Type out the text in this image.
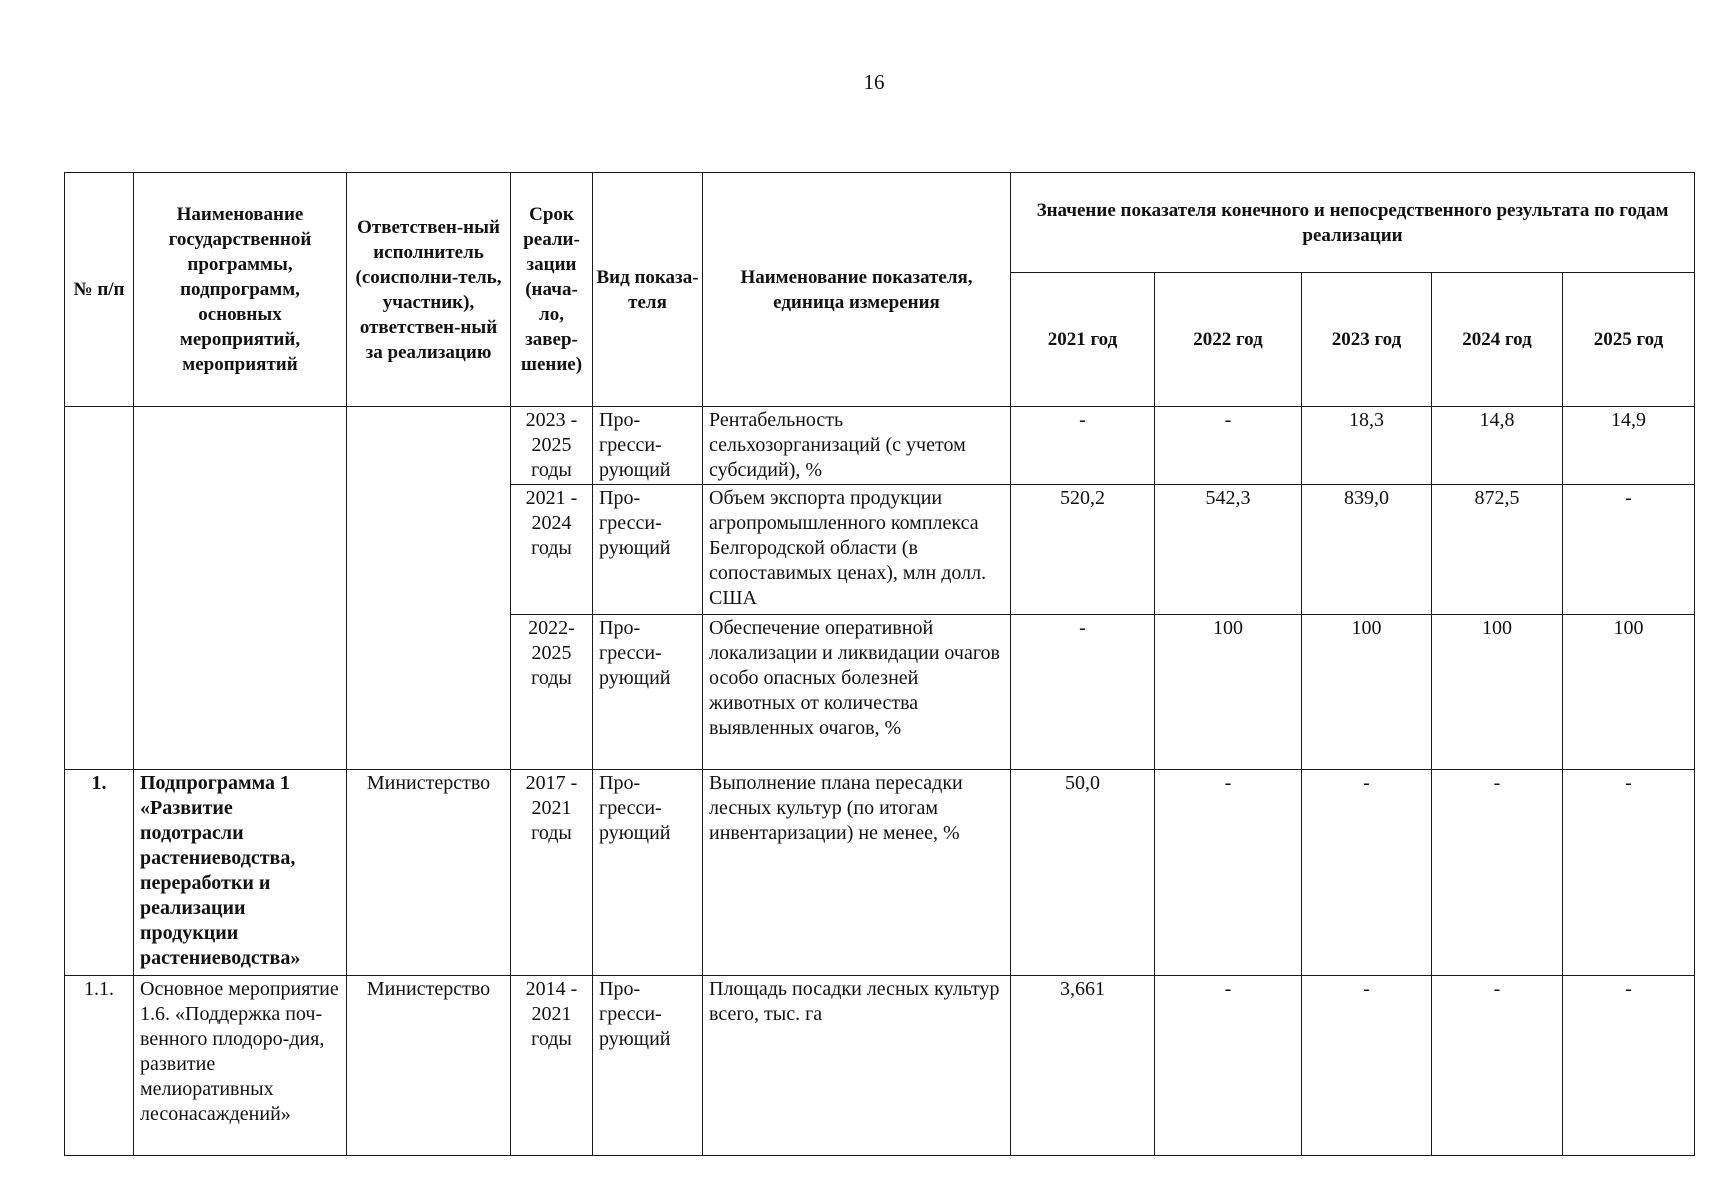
16
№ п/п	Наименование государственной программы, подпрограмм, основных мероприятий, мероприятий	Ответствен-ный исполнитель (соисполни-тель, участник), ответствен-ный за реализацию	Срок реали-зации (нача-ло, завер-шение)	Вид показа-теля	Наименование показателя, единица измерения	Значение показателя конечного и непосредственного результата по годам реализации				
						2021 год	2022 год	2023 год	2024 год	2025 год
			2023 - 2025 годы	Про-гресси-рующий	Рентабельность сельхозорганизаций (с учетом субсидий), %	-	-	18,3	14,8	14,9
			2021 - 2024 годы	Про-гресси-рующий	Объем экспорта продукции агропромышленного комплекса Белгородской области (в сопоставимых ценах), млн долл. США	520,2	542,3	839,0	872,5	-
			2022- 2025 годы	Про-гресси-рующий	Обеспечение оперативной локализации и ликвидации очагов особо опасных болезней животных от количества выявленных очагов, %	-	100	100	100	100
1.	Подпрограмма 1 «Развитие подотрасли растениеводства, переработки и реализации продукции растениеводства»	Министерство	2017 - 2021 годы	Про-гресси-рующий	Выполнение плана пересадки лесных культур (по итогам инвентаризации) не менее, %	50,0	-	-	-	-
1.1.	Основное мероприятие 1.6. «Поддержка поч-венного плодоро-дия, развитие мелиоративных лесонасаждений»	Министерство	2014 - 2021 годы	Про-гресси-рующий	Площадь посадки лесных культур всего, тыс. га	3,661	-	-	-	-
